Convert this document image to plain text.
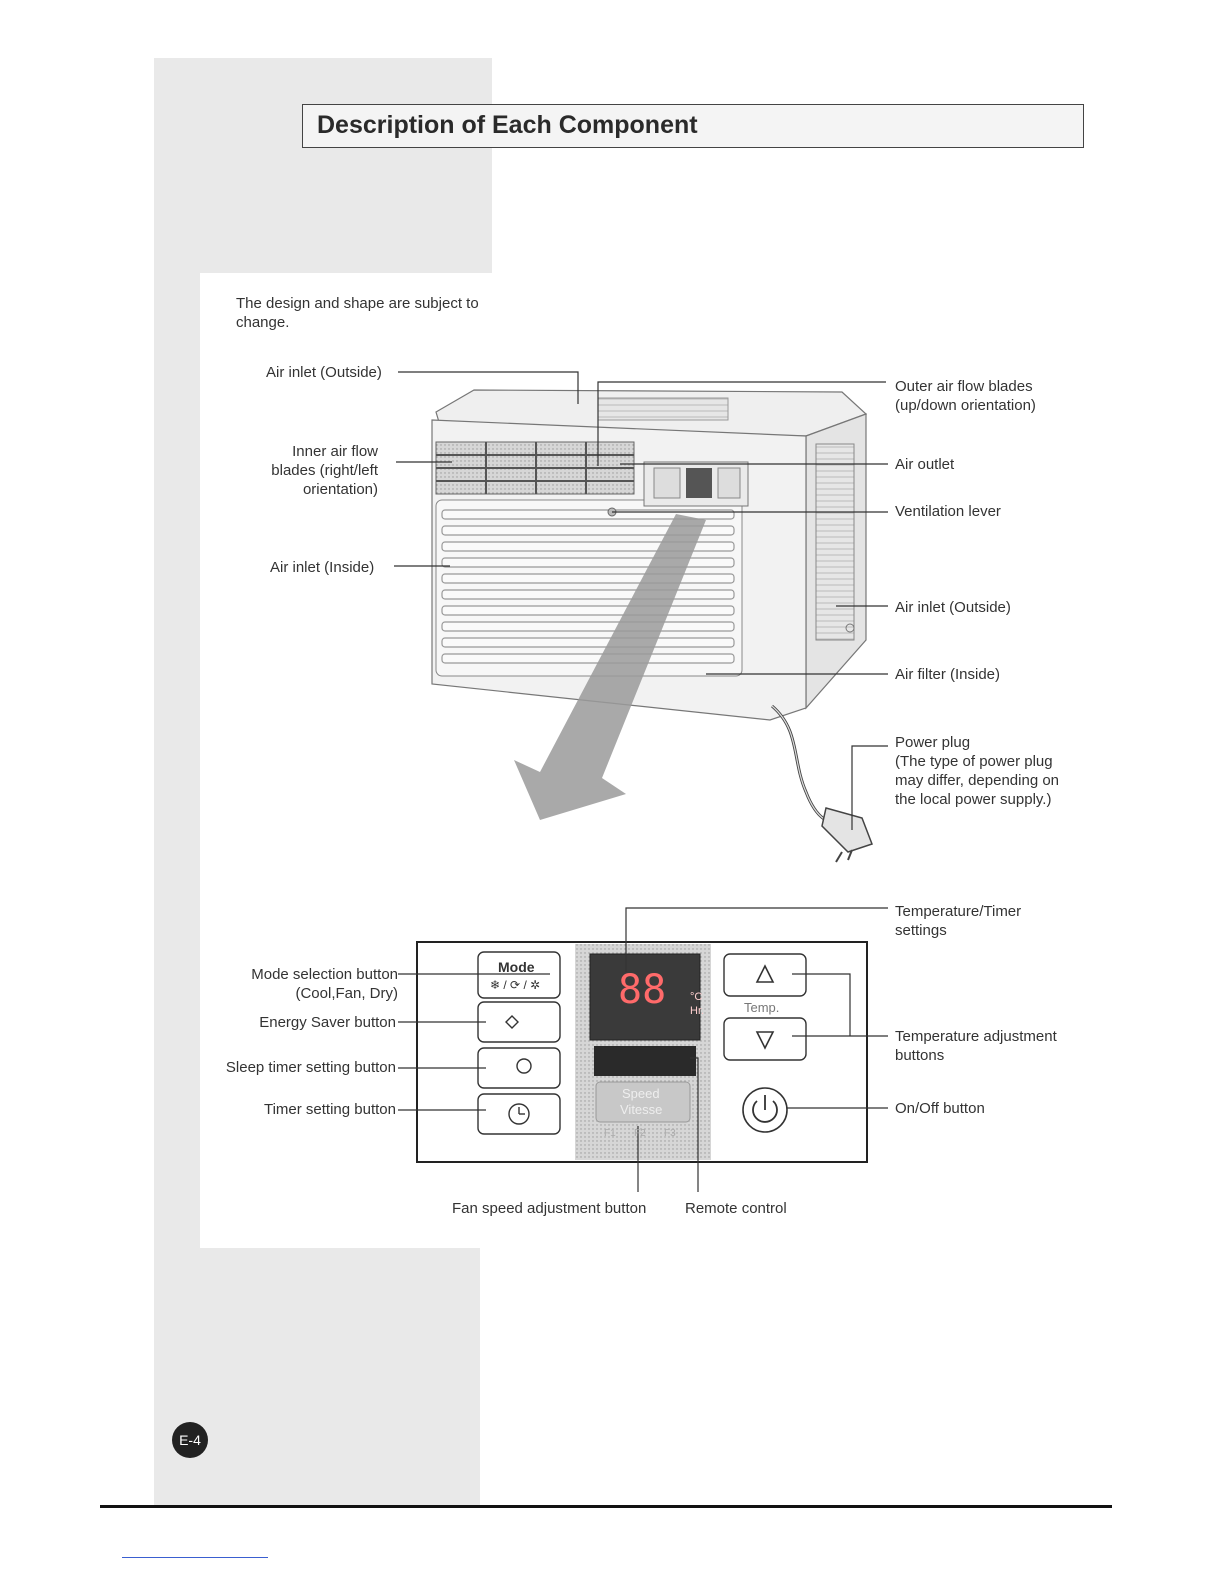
Description of Each Component
The design and shape are subject to change.
Mode
❄ / ⟳ / ✲ 88 °C
Hr.	Temp.
Speed
Vitesse
F1 F2 F3
Air inlet (Outside)
Inner air flow
blades (right/left
orientation)
Air inlet (Inside)
Outer air flow blades
(up/down orientation)
Air outlet
Ventilation lever
Air inlet (Outside)
Air filter (Inside)
Power plug
(The type of power plug
may differ, depending on
the local power supply.)
Temperature/Timer
settings
Mode selection button
(Cool,Fan, Dry)
Energy Saver button
Sleep timer setting button
Timer setting button
Temperature adjustment
buttons
On/Off button
Fan speed adjustment button	Remote control
E-4
